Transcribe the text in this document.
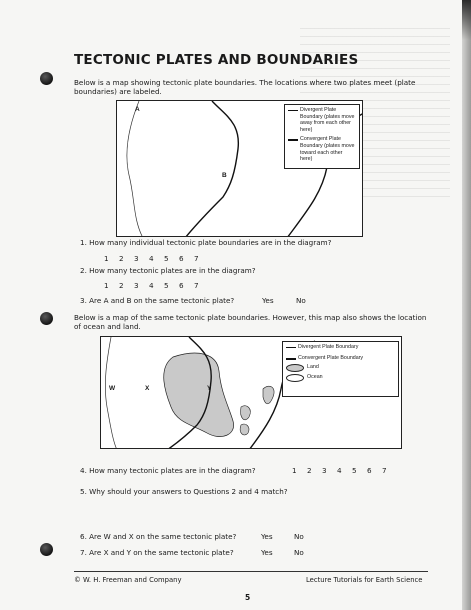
TECTONIC PLATES AND BOUNDARIES
Below is a map showing tectonic plate boundaries. The locations where two plates meet (plate boundaries) are labeled.
A
B
Divergent Plate Boundary (plates move away from each other here)
Convergent Plate Boundary (plates move toward each other here)
1. How many individual tectonic plate boundaries are in the diagram?
1 2 3 4 5 6 7
2. How many tectonic plates are in the diagram?
1 2 3 4 5 6 7
3. Are A and B on the same tectonic plate?	Yes	No
Below is a map of the same tectonic plate boundaries. However, this map also shows the location of ocean and land.
W	X	Y
Divergent Plate Boundary
Convergent Plate Boundary
Land
Ocean
4. How many tectonic plates are in the diagram?	1 2 3 4 5 6 7
5. Why should your answers to Questions 2 and 4 match?
6. Are W and X on the same tectonic plate?	Yes	No
7. Are X and Y on the same tectonic plate?	Yes	No
© W. H. Freeman and Company	Lecture Tutorials for Earth Science
5
